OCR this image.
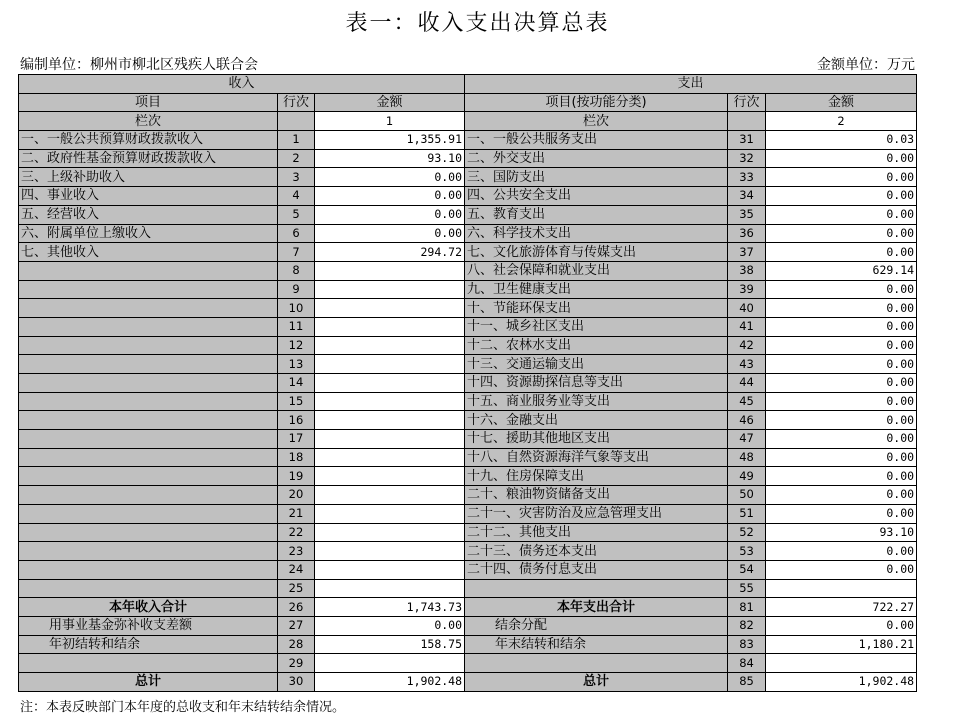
表一：收入支出决算总表
编制单位：柳州市柳北区残疾人联合会	金额单位：万元
收入			支出		
项目	行次	金额	项目(按功能分类)	行次	金额
栏次		1	栏次		2
一、一般公共预算财政拨款收入	1	1,355.91	一、一般公共服务支出	31	0.03
二、政府性基金预算财政拨款收入	2	93.10	二、外交支出	32	0.00
三、上级补助收入	3	0.00	三、国防支出	33	0.00
四、事业收入	4	0.00	四、公共安全支出	34	0.00
五、经营收入	5	0.00	五、教育支出	35	0.00
六、附属单位上缴收入	6	0.00	六、科学技术支出	36	0.00
七、其他收入	7	294.72	七、文化旅游体育与传媒支出	37	0.00
	8		八、社会保障和就业支出	38	629.14
	9		九、卫生健康支出	39	0.00
	10		十、节能环保支出	40	0.00
	11		十一、城乡社区支出	41	0.00
	12		十二、农林水支出	42	0.00
	13		十三、交通运输支出	43	0.00
	14		十四、资源勘探信息等支出	44	0.00
	15		十五、商业服务业等支出	45	0.00
	16		十六、金融支出	46	0.00
	17		十七、援助其他地区支出	47	0.00
	18		十八、自然资源海洋气象等支出	48	0.00
	19		十九、住房保障支出	49	0.00
	20		二十、粮油物资储备支出	50	0.00
	21		二十一、灾害防治及应急管理支出	51	0.00
	22		二十二、其他支出	52	93.10
	23		二十三、债务还本支出	53	0.00
	24		二十四、债务付息支出	54	0.00
	25			55	
本年收入合计	26	1,743.73	本年支出合计	81	722.27
用事业基金弥补收支差额	27	0.00	结余分配	82	0.00
年初结转和结余	28	158.75	年末结转和结余	83	1,180.21
	29			84	
总计	30	1,902.48	总计	85	1,902.48
注：本表反映部门本年度的总收支和年末结转结余情况。
